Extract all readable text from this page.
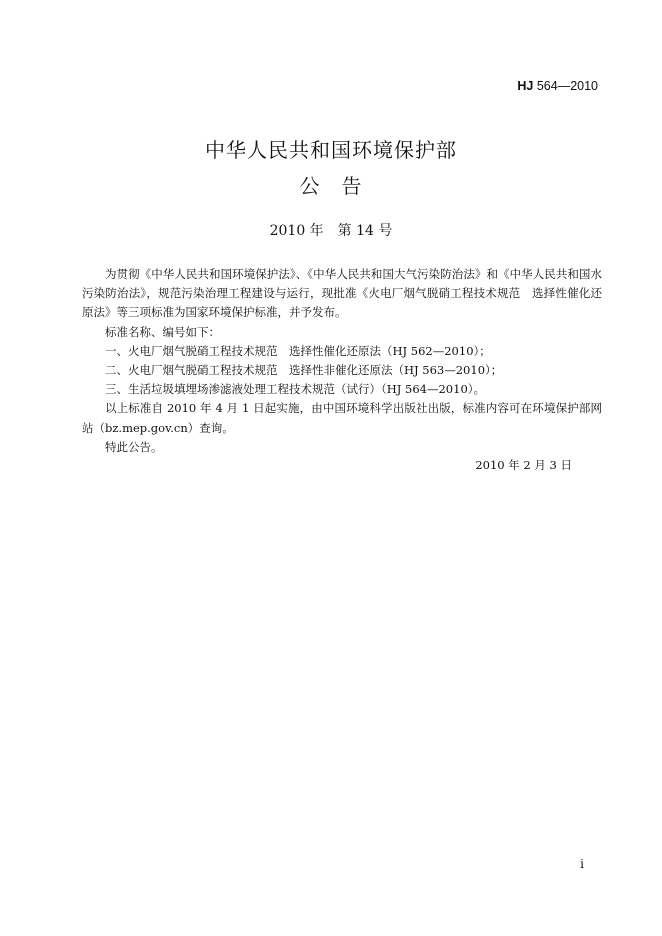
HJ 564—2010
中华人民共和国环境保护部
公　告
2010 年　第 14 号

为贯彻《中华人民共和国环境保护法》、《中华人民共和国大气污染防治法》和《中华人民共和国水污染防治法》，规范污染治理工程建设与运行，现批准《火电厂烟气脱硝工程技术规范　选择性催化还原法》等三项标准为国家环境保护标准，并予发布。

标准名称、编号如下：

一、火电厂烟气脱硝工程技术规范　选择性催化还原法（HJ 562—2010）；

二、火电厂烟气脱硝工程技术规范　选择性非催化还原法（HJ 563—2010）；

三、生活垃圾填埋场渗滤液处理工程技术规范（试行）（HJ 564—2010）。

以上标准自 2010 年 4 月 1 日起实施，由中国环境科学出版社出版，标准内容可在环境保护部网站（bz.mep.gov.cn）查询。

特此公告。

2010 年 2 月 3 日
i
